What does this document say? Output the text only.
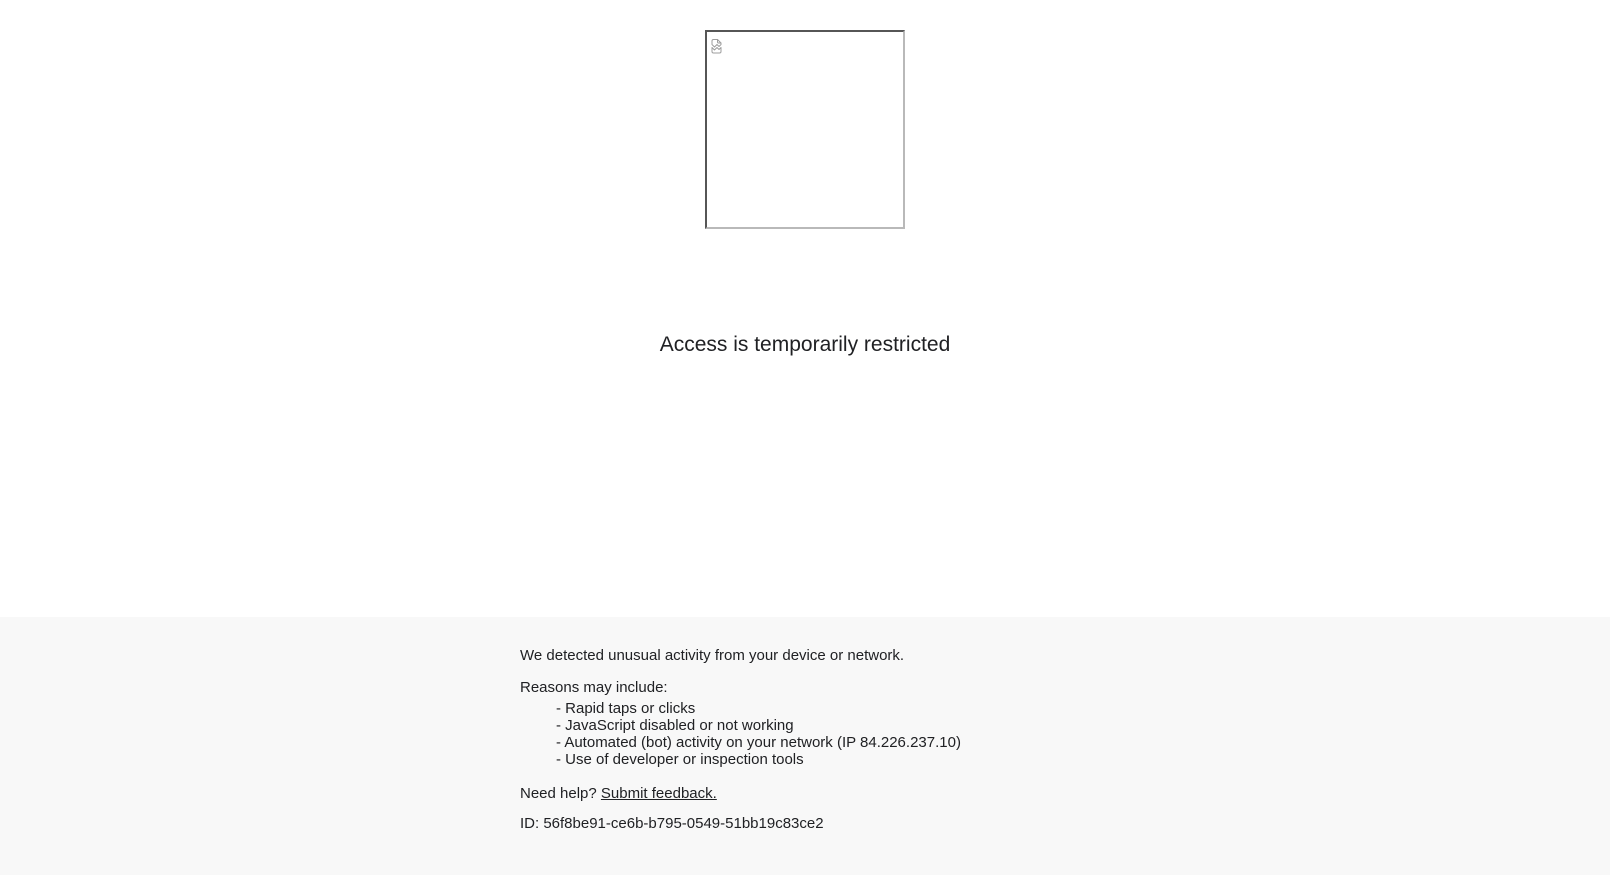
Access is temporarily restricted

We detected unusual activity from your device or network.

Reasons may include:

- Rapid taps or clicks
- JavaScript disabled or not working
- Automated (bot) activity on your network (IP 84.226.237.10)
- Use of developer or inspection tools

Need help? Submit feedback.

ID: 56f8be91-ce6b-b795-0549-51bb19c83ce2
